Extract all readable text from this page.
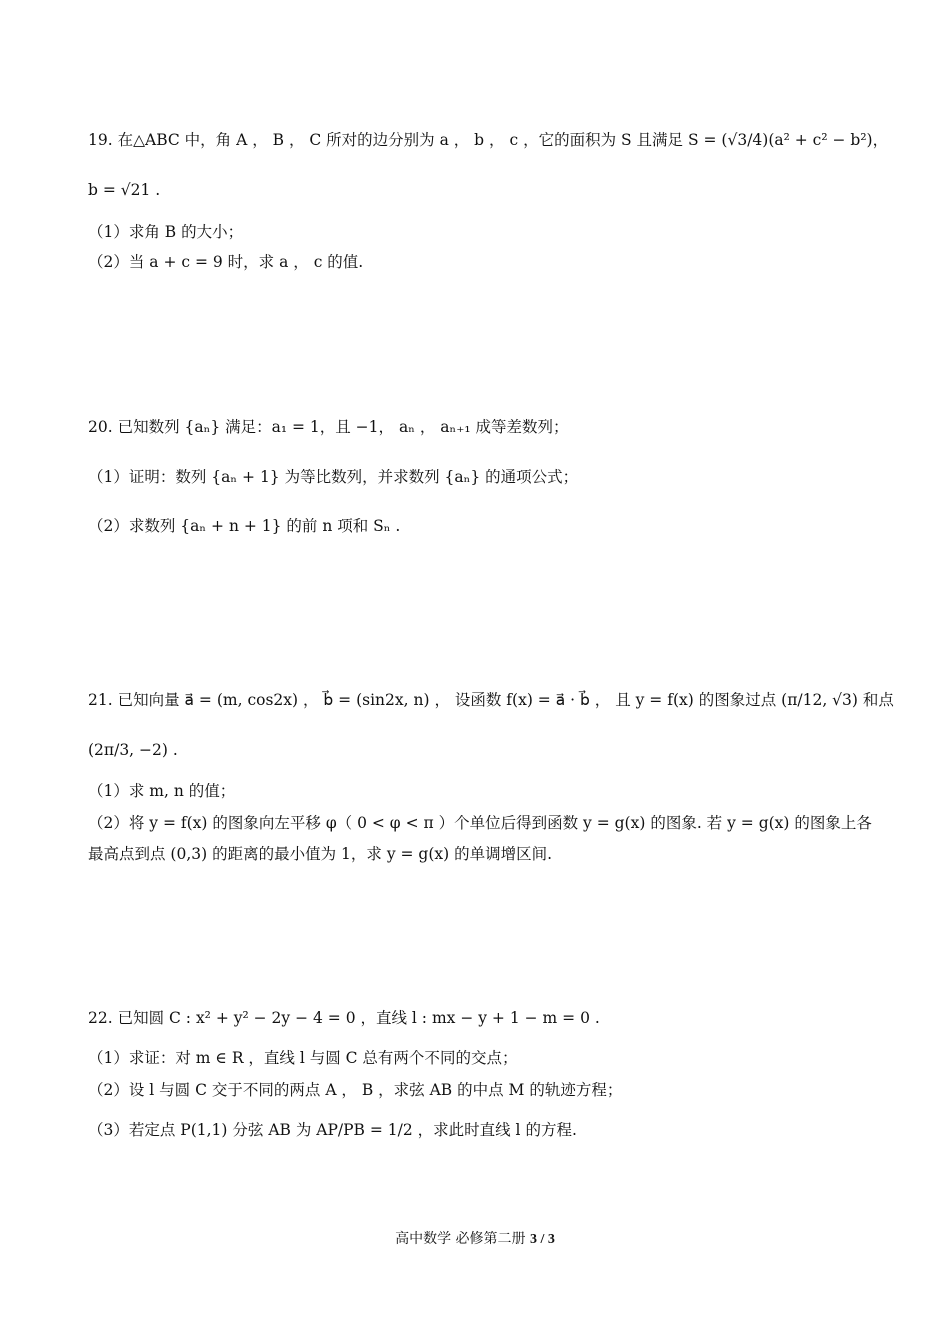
19. 在△ABC 中，角 A ， B ， C 所对的边分别为 a ， b ， c ，它的面积为 S 且满足 S = (√3/4)(a² + c² − b²)，
b = √21 .
（1）求角 B 的大小；
（2）当 a + c = 9 时，求 a ， c 的值.
20. 已知数列 {aₙ} 满足：a₁ = 1，且 −1， aₙ ， aₙ₊₁ 成等差数列；
（1）证明：数列 {aₙ + 1} 为等比数列，并求数列 {aₙ} 的通项公式；
（2）求数列 {aₙ + n + 1} 的前 n 项和 Sₙ .
21. 已知向量 a⃗ = (m, cos2x) ， b⃗ = (sin2x, n) ， 设函数 f(x) = a⃗ · b⃗ ， 且 y = f(x) 的图象过点 (π/12, √3) 和点
(2π/3, −2) .
（1）求 m, n 的值；
（2）将 y = f(x) 的图象向左平移 φ（ 0 < φ < π ）个单位后得到函数 y = g(x) 的图象. 若 y = g(x) 的图象上各
最高点到点 (0,3) 的距离的最小值为 1，求 y = g(x) 的单调增区间.
22. 已知圆 C : x² + y² − 2y − 4 = 0 ，直线 l : mx − y + 1 − m = 0 .
（1）求证：对 m ∈ R ，直线 l 与圆 C 总有两个不同的交点；
（2）设 l 与圆 C 交于不同的两点 A ， B ，求弦 AB 的中点 M 的轨迹方程；
（3）若定点 P(1,1) 分弦 AB 为 AP/PB = 1/2 ，求此时直线 l 的方程.
高中数学 必修第二册 3 / 3
